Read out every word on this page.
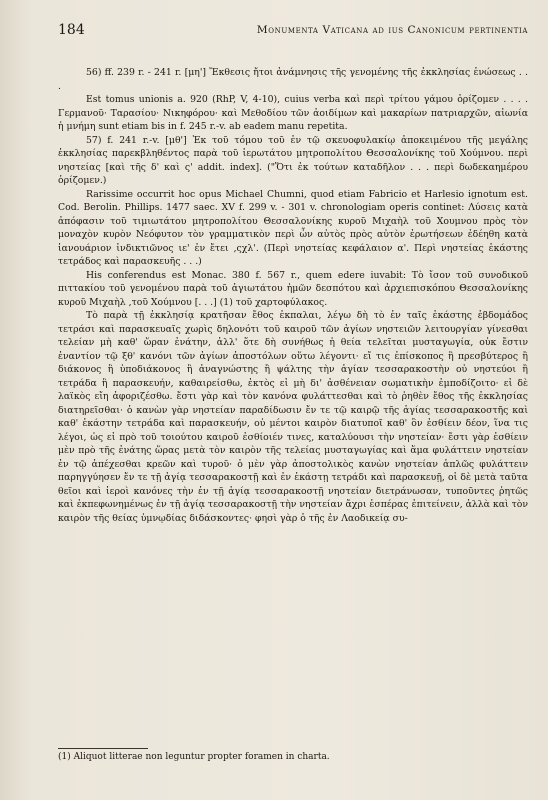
184	Monumenta Vaticana ad ius Canonicum pertinentia

56) ff. 239 r. - 241 r. [μη'] Ἔκθεσις ἤτοι ἀνάμνησις τῆς γενομένης τῆς ἐκκλησίας ἑνώσεως . . .

Est tomus unionis a. 920 (RhP, V, 4-10), cuius verba καὶ περὶ τρίτου γάμου ὁρίζομεν . . . . Γερμανοῦ· Ταρασίου· Νικηφόρου· καὶ Μεθοδίου τῶν ἀοιδίμων καὶ μακαρίων πατριαρχῶν, αἰωνία ἡ μνήμη sunt etiam bis in f. 245 r.-v. ab eadem manu repetita.

57) f. 241 r.-v. [μθ'] Ἐκ τοῦ τόμου τοῦ ἐν τῷ σκευοφυλακίῳ ἀποκειμένου τῆς μεγάλης ἐκκλησίας παρεκβληθέντος παρὰ τοῦ ἱερωτάτου μητροπολίτου Θεσσαλονίκης τοῦ Χούμνου. περὶ νηστείας [καὶ τῆς δ' καὶ ς' addit. index]. ("Ὅτι ἐκ τούτων καταδῆλον . . . περὶ δωδεκαημέρου ὁρίζομεν.)

Rarissime occurrit hoc opus Michael Chumni, quod etiam Fabricio et Harlesio ignotum est. Cod. Berolin. Phillips. 1477 saec. XV f. 299 v. - 301 v. chronologiam operis continet: Λύσεις κατὰ ἀπόφασιν τοῦ τιμιωτάτου μητροπολίτου Θεσσαλονίκης κυροῦ Μιχαὴλ τοῦ Χουμνου πρὸς τὸν μοναχὸν κυρὸν Νεόφυτον τὸν γραμματικὸν περὶ ὧν αὐτὸς πρὸς αὐτὸν ἐρωτήσεων ἐδέηθη κατὰ ἰανουάριον ἰνδικτιῶνος ιε' ἐν ἔτει ,ςχλ'. (Περὶ νηστείας κεφάλαιον α'. Περὶ νηστείας ἑκάστης τετράδος καὶ παρασκευῆς . . .)

His conferendus est Monac. 380 f. 567 r., quem edere iuvabit: Τὸ ἴσον τοῦ συνοδικοῦ πιττακίου τοῦ γενομένου παρὰ τοῦ ἁγιωτάτου ἡμῶν δεσπότου καὶ ἀρχιεπισκόπου Θεσσαλονίκης κυροῦ Μιχαὴλ ,τοῦ Χούμνου [. . .] (1) τοῦ χαρτοφύλακος.

Τὸ παρὰ τῇ ἐκκλησίᾳ κρατῆσαν ἔθος ἐκπαλαι, λέγω δὴ τὸ ἐν ταῖς ἑκάστης ἑβδομάδος τετράσι καὶ παρασκευαῖς χωρὶς δηλονότι τοῦ καιροῦ τῶν ἁγίων νηστειῶν λειτουργίαν γίνεσθαι τελείαν μὴ καθ' ὥραν ἐνάτην, ἀλλ' ὅτε δὴ συνήθως ἡ θεία τελεῖται μυσταγωγία, οὐκ ἔστιν ἐναντίον τῷ ξθ' κανόνι τῶν ἁγίων ἀποστόλων οὕτω λέγοντι· εἴ τις ἐπίσκοπος ἢ πρεσβύτερος ἢ διάκονος ἢ ὑποδιάκονος ἢ ἀναγνώστης ἢ ψάλτης τὴν ἁγίαν τεσσαρακοστὴν οὐ νηστεύοι ἢ τετράδα ἢ παρασκευήν, καθαιρείσθω, ἐκτὸς εἰ μὴ δι' ἀσθένειαν σωματικὴν ἐμποδίζοιτο· εἰ δὲ λαϊκὸς εἴη ἀφοριζέσθω. ἔστι γὰρ καὶ τὸν κανόνα φυλάττεσθαι καὶ τὸ ῥηθὲν ἔθος τῆς ἐκκλησίας διατηρεῖσθαι· ὁ κανὼν γὰρ νηστείαν παραδίδωσιν ἔν τε τῷ καιρῷ τῆς ἁγίας τεσσαρακοστῆς καὶ καθ' ἑκάστην τετράδα καὶ παρασκευήν, οὐ μέντοι καιρὸν διατυποῖ καθ' ὃν ἐσθίειν δέον, ἵνα τις λέγοι, ὡς εἰ πρὸ τοῦ τοιούτου καιροῦ ἐσθίοιέν τινες, καταλύουσι τὴν νηστείαν· ἔστι γὰρ ἐσθίειν μὲν πρὸ τῆς ἐνάτης ὥρας μετὰ τὸν καιρὸν τῆς τελείας μυσταγωγίας καὶ ἅμα φυλάττειν νηστείαν ἐν τῷ ἀπέχεσθαι κρεῶν καὶ τυροῦ· ὁ μὲν γὰρ ἀποστολικὸς κανὼν νηστείαν ἁπλῶς φυλάττειν παρηγγύησεν ἔν τε τῇ ἁγίᾳ τεσσαρακοστῇ καὶ ἐν ἑκάστῃ τετράδι καὶ παρασκευῇ, οἱ δὲ μετὰ ταῦτα θεῖοι καὶ ἱεροὶ κανόνες τὴν ἐν τῇ ἁγίᾳ τεσσαρακοστῇ νηστείαν διετράνωσαν, τυποῦντες ῥητῶς καὶ ἐκπεφωνημένως ἐν τῇ ἁγίᾳ τεσσαρακοστῇ τὴν νηστείαν ἄχρι ἑσπέρας ἐπιτείνειν, ἀλλὰ καὶ τὸν καιρὸν τῆς θείας ὑμνῳδίας διδάσκοντες· φησὶ γὰρ ὁ τῆς ἐν Λαοδικείᾳ συ-

(1) Aliquot litterae non leguntur propter foramen in charta.
